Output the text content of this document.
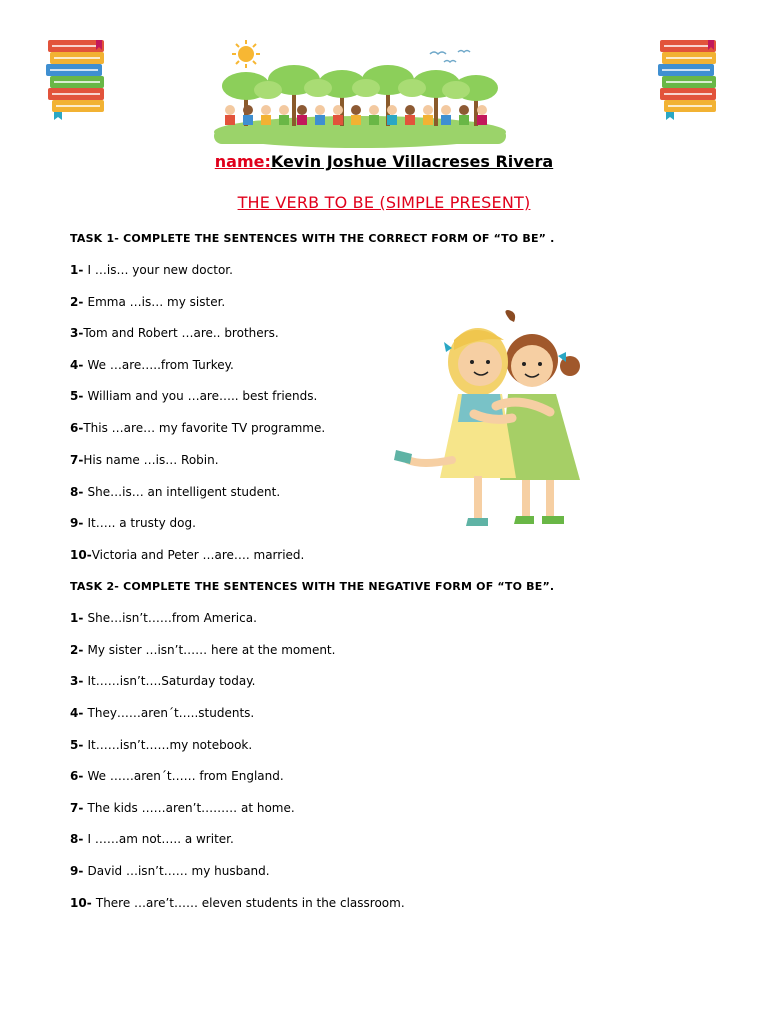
name:Kevin Joshue Villacreses Rivera
THE VERB TO BE (SIMPLE PRESENT)
TASK 1- COMPLETE THE SENTENCES WITH THE CORRECT FORM OF “TO BE” .
1- I …is… your new doctor.
2- Emma …is… my sister.
3-Tom and Robert …are.. brothers.
4- We …are…..from Turkey.
5- William and you …are….. best friends.
6-This …are… my favorite TV programme.
7-His name …is… Robin.
8- She…is… an intelligent student.
9- It….. a trusty dog.
10-Victoria and Peter …are…. married.
TASK 2- COMPLETE THE SENTENCES WITH THE NEGATIVE FORM OF “TO BE”.
1- She…isn’t……from America.
2- My sister …isn’t…… here at the moment.
3- It……isn’t….Saturday today.
4- They……aren´t…..students.
5- It……isn’t……my notebook.
6- We ……aren´t…… from England.
7- The kids ……aren’t……… at home.
8- I ……am not….. a writer.
9- David …isn’t…… my husband.
10- There …are’t…… eleven students in the classroom.
